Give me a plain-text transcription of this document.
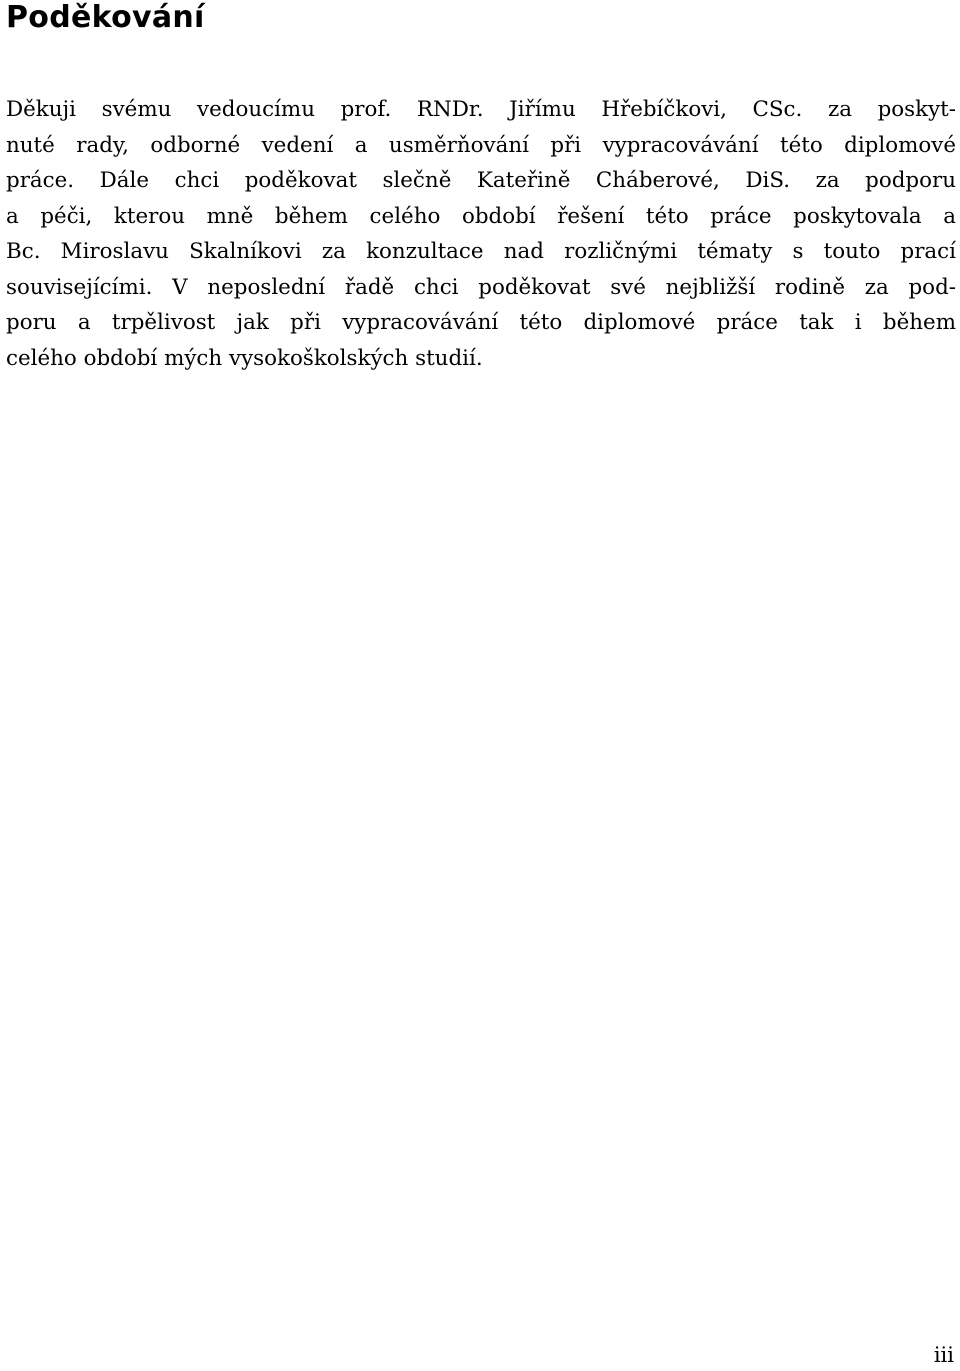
Poděkování
Děkuji svému vedoucímu prof. RNDr. Jiřímu Hřebíčkovi, CSc. za poskyt-
nuté rady, odborné vedení a usměrňování při vypracovávání této diplomové
práce. Dále chci poděkovat slečně Kateřině Cháberové, DiS. za podporu
a péči, kterou mně během celého období řešení této práce poskytovala a
Bc. Miroslavu Skalníkovi za konzultace nad rozličnými tématy s touto prací
souvisejícími. V neposlední řadě chci poděkovat své nejbližší rodině za pod-
poru a trpělivost jak při vypracovávání této diplomové práce tak i během
celého období mých vysokoškolských studií.
iii
